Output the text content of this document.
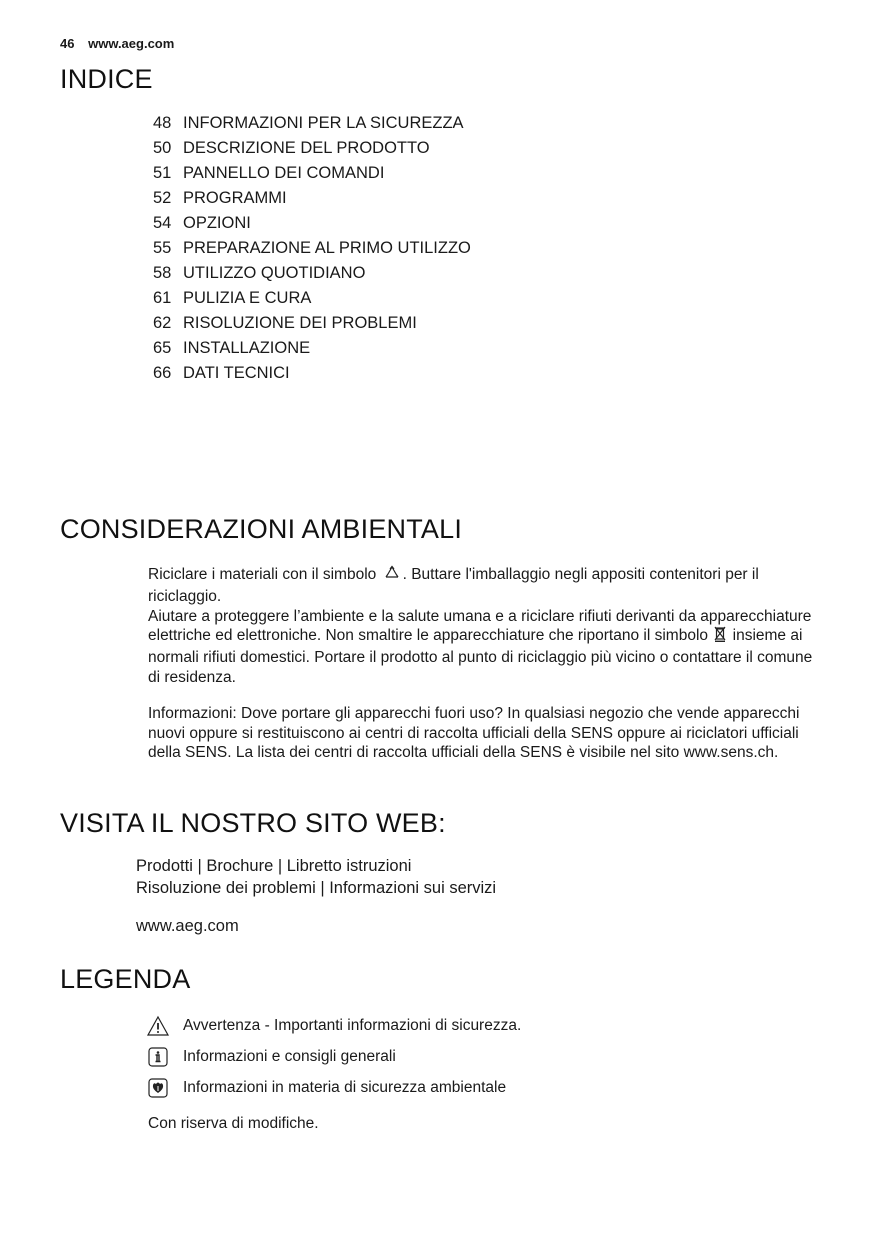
46 www.aeg.com
INDICE
48 INFORMAZIONI PER LA SICUREZZA
50 DESCRIZIONE DEL PRODOTTO
51 PANNELLO DEI COMANDI
52 PROGRAMMI
54 OPZIONI
55 PREPARAZIONE AL PRIMO UTILIZZO
58 UTILIZZO QUOTIDIANO
61 PULIZIA E CURA
62 RISOLUZIONE DEI PROBLEMI
65 INSTALLAZIONE
66 DATI TECNICI
CONSIDERAZIONI AMBIENTALI

Riciclare i materiali con il simbolo . Buttare l'imballaggio negli appositi contenitori per il riciclaggio.

Aiutare a proteggere l’ambiente e la salute umana e a riciclare rifiuti derivanti da apparecchiature elettriche ed elettroniche. Non smaltire le apparecchiature che riportano il simbolo insieme ai normali rifiuti domestici. Portare il prodotto al punto di riciclaggio più vicino o contattare il comune di residenza.

Informazioni: Dove portare gli apparecchi fuori uso? In qualsiasi negozio che vende apparecchi nuovi oppure si restituiscono ai centri di raccolta ufficiali della SENS oppure ai riciclatori ufficiali della SENS. La lista dei centri di raccolta ufficiali della SENS è visibile nel sito www.sens.ch.

VISITA IL NOSTRO SITO WEB:
Prodotti | Brochure | Libretto istruzioni
Risoluzione dei problemi | Informazioni sui servizi
www.aeg.com
LEGENDA
Avvertenza - Importanti informazioni di sicurezza.
Informazioni e consigli generali
Informazioni in materia di sicurezza ambientale
Con riserva di modifiche.
